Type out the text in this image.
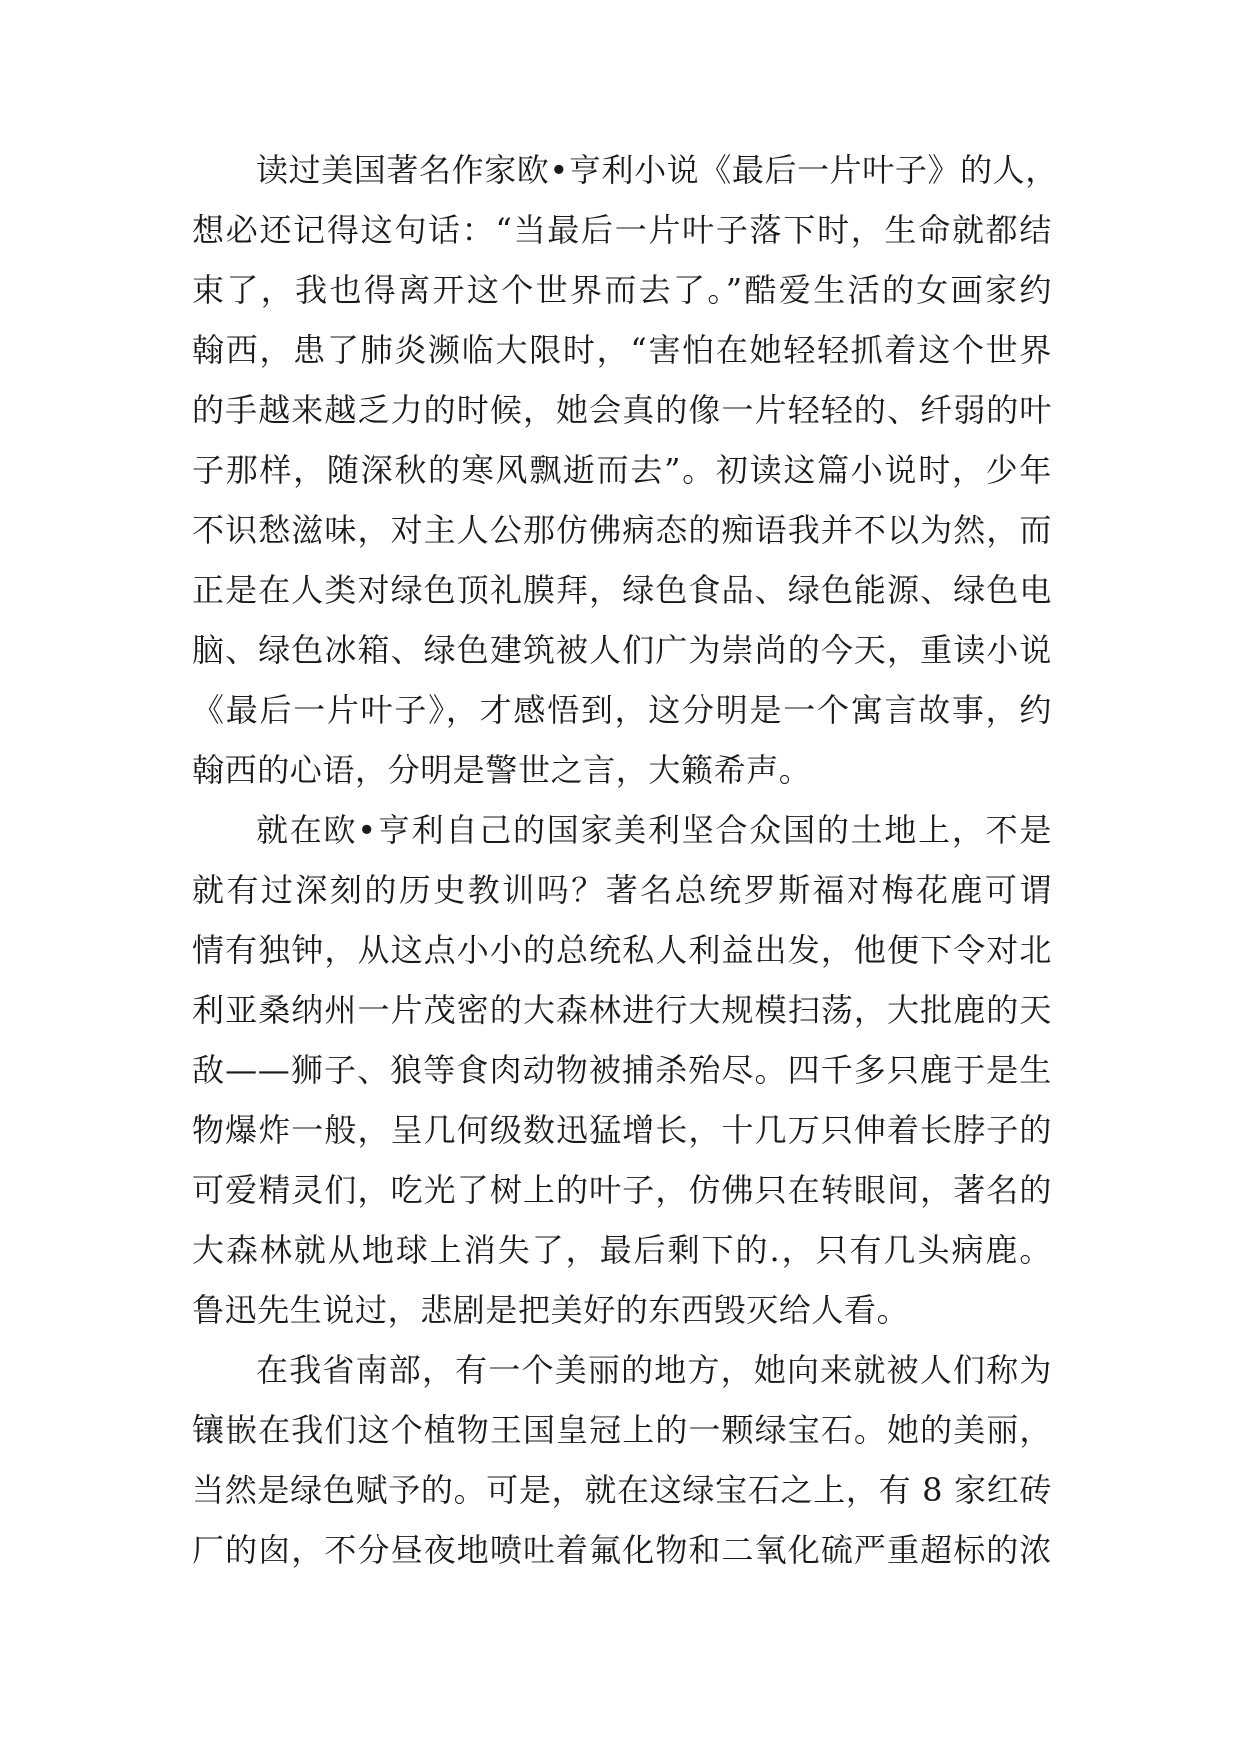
读过美国著名作家欧•亨利小说《最后一片叶子》的人，
想必还记得这句话：“当最后一片叶子落下时，生命就都结
束了，我也得离开这个世界而去了。”酷爱生活的女画家约
翰西，患了肺炎濒临大限时，“害怕在她轻轻抓着这个世界
的手越来越乏力的时候，她会真的像一片轻轻的、纤弱的叶
子那样，随深秋的寒风飘逝而去”。初读这篇小说时，少年
不识愁滋味，对主人公那仿佛病态的痴语我并不以为然，而
正是在人类对绿色顶礼膜拜，绿色食品、绿色能源、绿色电
脑、绿色冰箱、绿色建筑被人们广为崇尚的今天，重读小说
《最后一片叶子》，才感悟到，这分明是一个寓言故事，约
翰西的心语，分明是警世之言，大籁希声。
就在欧•亨利自己的国家美利坚合众国的土地上，不是
就有过深刻的历史教训吗？著名总统罗斯福对梅花鹿可谓
情有独钟，从这点小小的总统私人利益出发，他便下令对北
利亚桑纳州一片茂密的大森林进行大规模扫荡，大批鹿的天
敌——狮子、狼等食肉动物被捕杀殆尽。四千多只鹿于是生
物爆炸一般，呈几何级数迅猛增长，十几万只伸着长脖子的
可爱精灵们，吃光了树上的叶子，仿佛只在转眼间，著名的
大森林就从地球上消失了，最后剩下的.，只有几头病鹿。
鲁迅先生说过，悲剧是把美好的东西毁灭给人看。
在我省南部，有一个美丽的地方，她向来就被人们称为
镶嵌在我们这个植物王国皇冠上的一颗绿宝石。她的美丽，
当然是绿色赋予的。可是，就在这绿宝石之上，有 8 家红砖
厂的囱，不分昼夜地喷吐着氟化物和二氧化硫严重超标的浓
